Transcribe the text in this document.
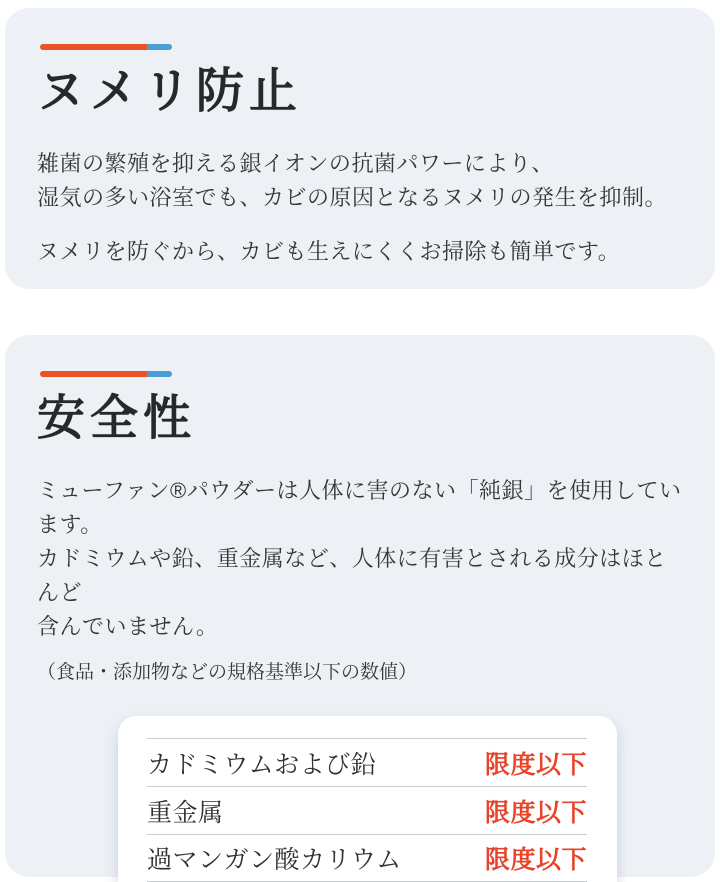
ヌメリ防止

雑菌の繁殖を抑える銀イオンの抗菌パワーにより、
湿気の多い浴室でも、カビの原因となるヌメリの発生を抑制。

ヌメリを防ぐから、カビも生えにくくお掃除も簡単です。

安全性

ミューファン®パウダーは人体に害のない「純銀」を使用しています。
カドミウムや鉛、重金属など、人体に有害とされる成分はほとんど
含んでいません。

（食品・添加物などの規格基準以下の数値）

カドミウムおよび鉛	限度以下
重金属	限度以下
過マンガン酸カリウム	限度以下
